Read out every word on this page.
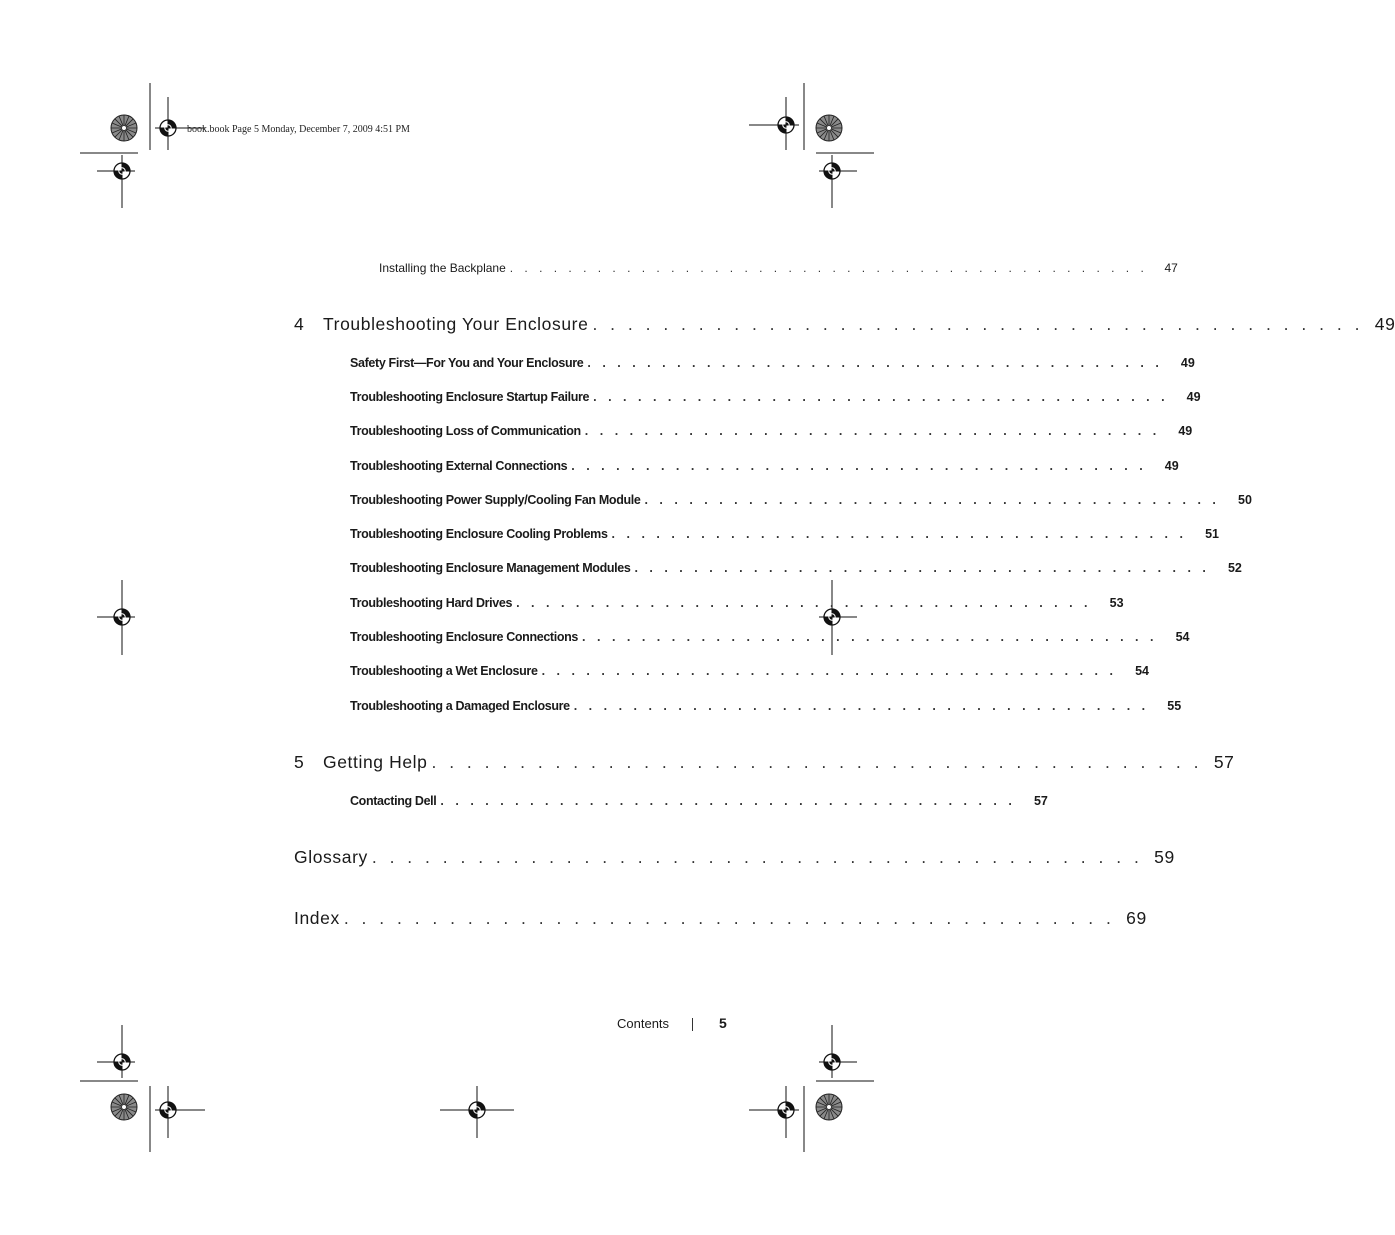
book.book Page 5 Monday, December 7, 2009 4:51 PM
Installing the Backplane . . . . . . . . . . . . . . . . . . . . . . . . . . . . . . . . . . . . . . . . . . . .	47
4	Troubleshooting Your Enclosure . . . . . . . . . . . . . . . . . . . . . . . . . . . . . . . . . . . . . . . . . . . . 49
Safety First—For You and Your Enclosure . . . . . . . . . . . . . . . . . . . . . . . . . . . . . . . . . . . . . . .	49
Troubleshooting Enclosure Startup Failure . . . . . . . . . . . . . . . . . . . . . . . . . . . . . . . . . . . . . . .	49
Troubleshooting Loss of Communication . . . . . . . . . . . . . . . . . . . . . . . . . . . . . . . . . . . . . . .	49
Troubleshooting External Connections . . . . . . . . . . . . . . . . . . . . . . . . . . . . . . . . . . . . . . .	49
Troubleshooting Power Supply/Cooling Fan Module . . . . . . . . . . . . . . . . . . . . . . . . . . . . . . . . . . . . . . .	50
Troubleshooting Enclosure Cooling Problems . . . . . . . . . . . . . . . . . . . . . . . . . . . . . . . . . . . . . . .	51
Troubleshooting Enclosure Management Modules . . . . . . . . . . . . . . . . . . . . . . . . . . . . . . . . . . . . . . .	52
Troubleshooting Hard Drives . . . . . . . . . . . . . . . . . . . . . . . . . . . . . . . . . . . . . . .	53
Troubleshooting Enclosure Connections . . . . . . . . . . . . . . . . . . . . . . . . . . . . . . . . . . . . . . .	54
Troubleshooting a Wet Enclosure . . . . . . . . . . . . . . . . . . . . . . . . . . . . . . . . . . . . . . .	54
Troubleshooting a Damaged Enclosure . . . . . . . . . . . . . . . . . . . . . . . . . . . . . . . . . . . . . . .	55
5	Getting Help . . . . . . . . . . . . . . . . . . . . . . . . . . . . . . . . . . . . . . . . . . . . 57
Contacting Dell . . . . . . . . . . . . . . . . . . . . . . . . . . . . . . . . . . . . . . .	57
Glossary . . . . . . . . . . . . . . . . . . . . . . . . . . . . . . . . . . . . . . . . . . . . 59
Index . . . . . . . . . . . . . . . . . . . . . . . . . . . . . . . . . . . . . . . . . . . . 69
Contents	5
